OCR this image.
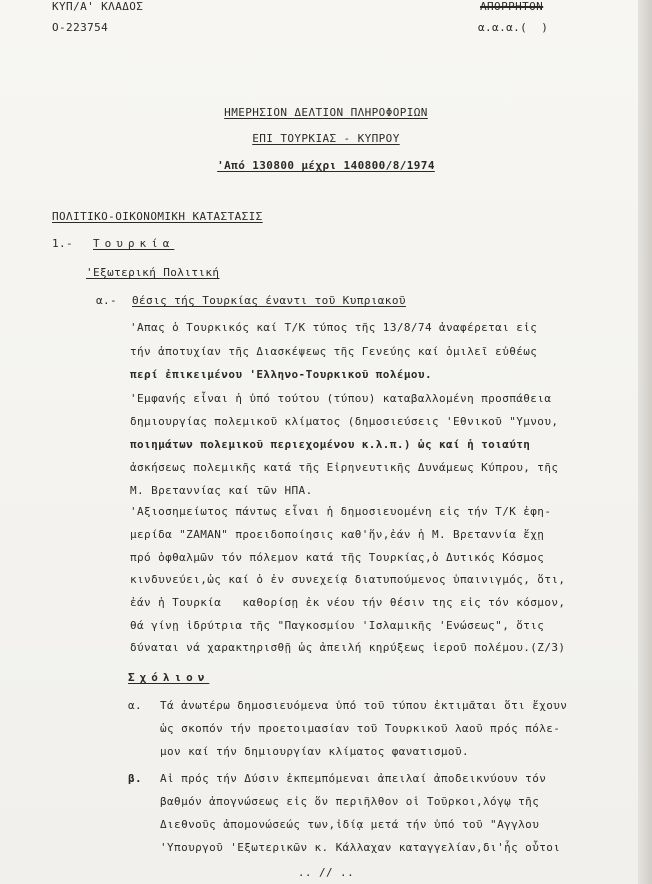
ΚΥΠ/Α' ΚΛΑΔΟΣ
Ο-223754
ΑΠΟΡΡΗΤΟΝ
α.α.α.(  )
ΗΜΕΡΗΣΙΟΝ ΔΕΛΤΙΟΝ ΠΛΗΡΟΦΟΡΙΩΝ
ΕΠΙ ΤΟΥΡΚΙΑΣ - ΚΥΠΡΟΥ
'Από 130800 μέχρι 140800/8/1974
ΠΟΛΙΤΙΚΟ-ΟΙΚΟΝΟΜΙΚΗ ΚΑΤΑΣΤΑΣΙΣ
1.- Τουρκία
'Εξωτερική Πολιτική
α.- Θέσις τής Τουρκίας έναντι τοῦ Κυπριακοῦ
'Απας ὁ Τουρκικός καί Τ/Κ τύπος τῆς 13/8/74 ἀναφέρεται εἰς
τήν ἀποτυχίαν τῆς Διασκέψεως τῆς Γενεύης καί ὁμιλεῖ εὐθέως
περί ἐπικειμένου 'Ελληνο-Τουρκικοῦ πολέμου.
'Εμφανής εἶναι ἡ ὑπό τούτου (τύπου) καταβαλλομένη προσπάθεια
δημιουργίας πολεμικοῦ κλίματος (δημοσιεύσεις 'Εθνικοῦ "Υμνου,
ποιημάτων πολεμικοῦ περιεχομένου κ.λ.π.) ὡς καί ἡ τοιαύτη
ἀσκήσεως πολεμικῆς κατά τῆς Εἰρηνευτικῆς Δυνάμεως Κύπρου, τῆς
Μ. Βρεταννίας καί τῶν ΗΠΑ.
'Αξιοσημείωτος πάντως εἶναι ἡ δημοσιευομένη εἰς τήν Τ/Κ ἐφη-
μερίδα "ZAMAN" προειδοποίησις καθ'ἥν,ἐάν ἡ Μ. Βρεταννία ἔχῃ
πρό ὀφθαλμῶν τόν πόλεμον κατά τῆς Τουρκίας,ὁ Δυτικός Κόσμος
κινδυνεύει,ὡς καί ὁ ἐν συνεχείᾳ διατυπούμενος ὑπαινιγμός, ὅτι,
ἐάν ἡ Τουρκία   καθορίσῃ ἐκ νέου τήν θέσιν της εἰς τόν κόσμον,
θά γίνῃ ἱδρύτρια τῆς "Παγκοσμίου 'Ισλαμικῆς 'Ενώσεως", ὅτις
δύναται νά χαρακτηρισθῇ ὡς ἀπειλή κηρύξεως ἱεροῦ πολέμου.(Ζ/3)
Σχόλιον
α. Τά ἀνωτέρω δημοσιευόμενα ὑπό τοῦ τύπου ἐκτιμᾶται ὅτι ἔχουν
ὡς σκοπόν τήν προετοιμασίαν τοῦ Τουρκικοῦ λαοῦ πρός πόλε-
μον καί τήν δημιουργίαν κλίματος φανατισμοῦ.
β. Αἱ πρός τήν Δύσιν ἐκπεμπόμεναι ἀπειλαί ἀποδεικνύουν τόν
βαθμόν ἀπογνώσεως εἰς ὅν περιῆλθον οἱ Τοῦρκοι,λόγῳ τῆς
Διεθνοῦς ἀπομονώσεώς των,ἰδίᾳ μετά τήν ὑπό τοῦ "Αγγλου
'Υπουργοῦ 'Εξωτερικῶν κ. Κάλλαχαν καταγγελίαν,δι'ἧς οὗτοι
.. // ..
